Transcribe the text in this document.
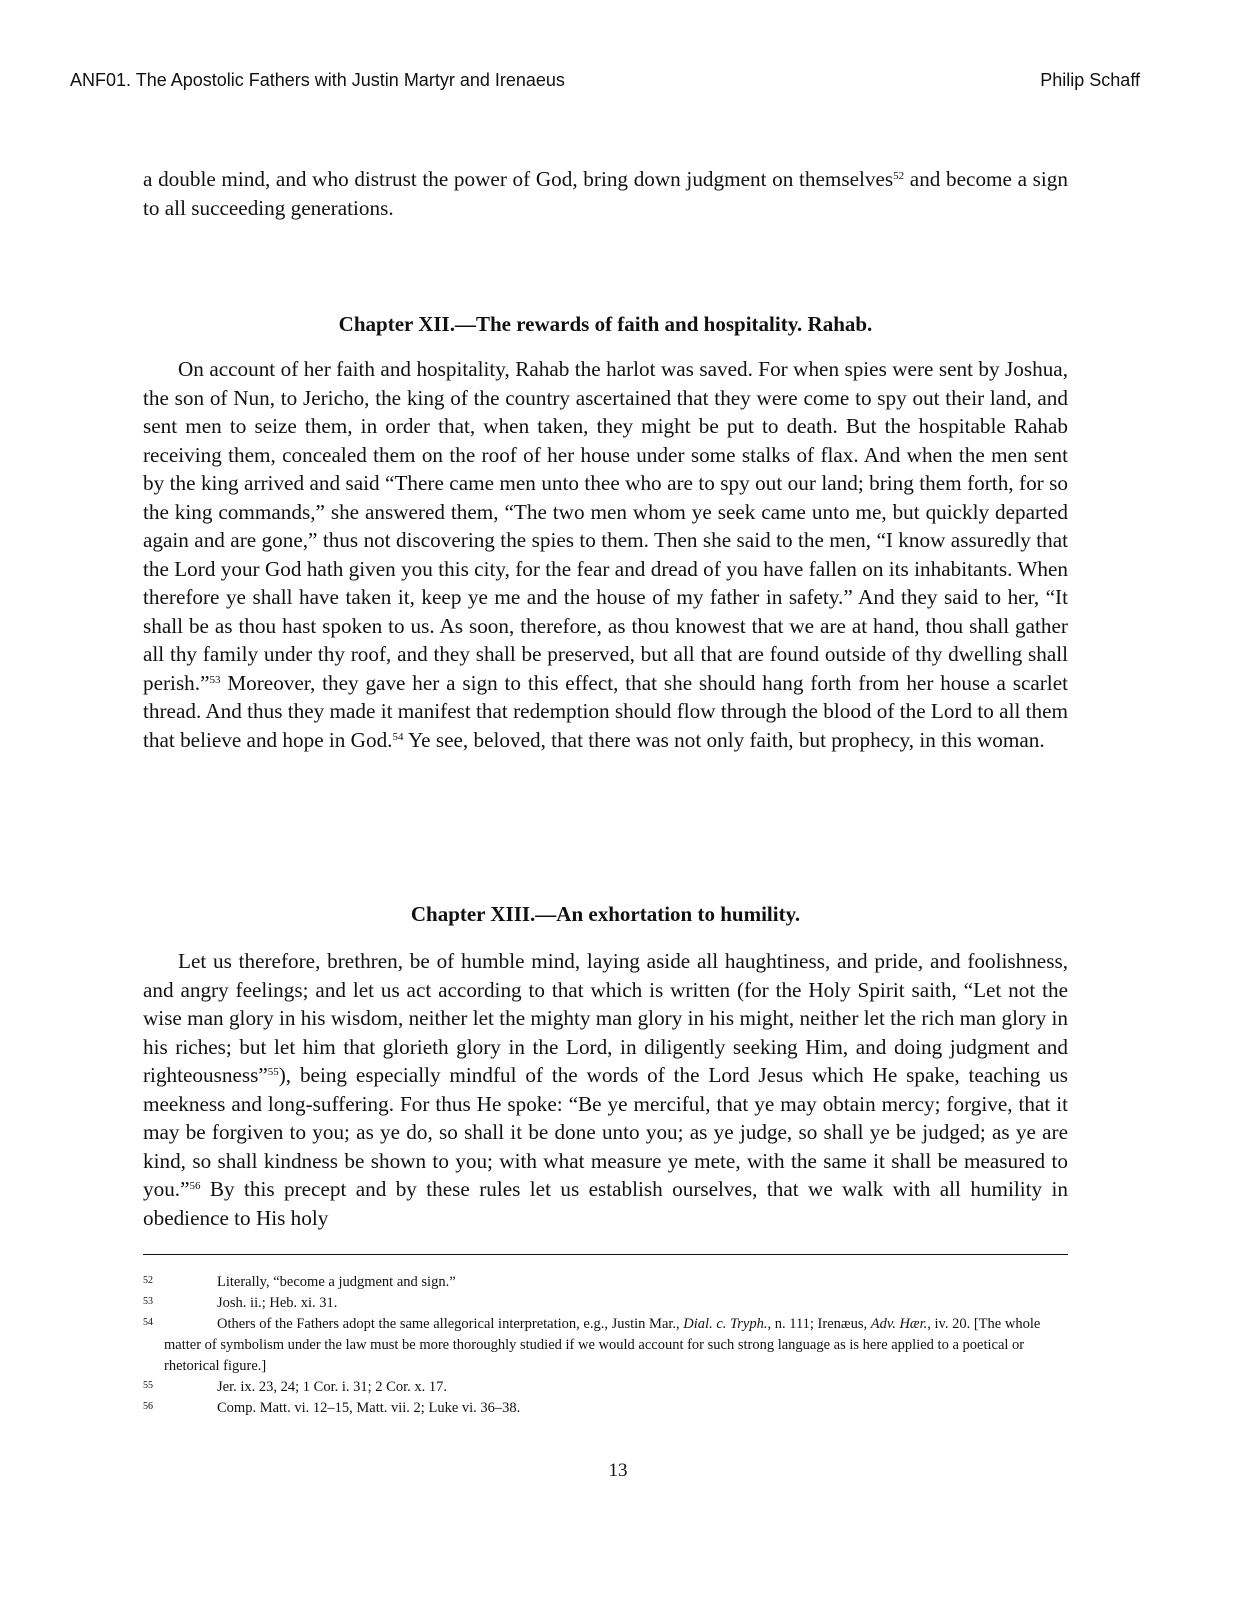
ANF01. The Apostolic Fathers with Justin Martyr and Irenaeus	Philip Schaff

a double mind, and who distrust the power of God, bring down judgment on themselves$^{52}$ and become a sign to all succeeding generations.

Chapter XII.—The rewards of faith and hospitality. Rahab.

On account of her faith and hospitality, Rahab the harlot was saved. For when spies were sent by Joshua, the son of Nun, to Jericho, the king of the country ascertained that they were come to spy out their land, and sent men to seize them, in order that, when taken, they might be put to death. But the hospitable Rahab receiving them, concealed them on the roof of her house under some stalks of flax. And when the men sent by the king arrived and said “There came men unto thee who are to spy out our land; bring them forth, for so the king commands,” she answered them, “The two men whom ye seek came unto me, but quickly departed again and are gone,” thus not discovering the spies to them. Then she said to the men, “I know assuredly that the Lord your God hath given you this city, for the fear and dread of you have fallen on its inhabitants. When therefore ye shall have taken it, keep ye me and the house of my father in safety.” And they said to her, “It shall be as thou hast spoken to us. As soon, therefore, as thou knowest that we are at hand, thou shall gather all thy family under thy roof, and they shall be preserved, but all that are found outside of thy dwelling shall perish.”$^{53}$ Moreover, they gave her a sign to this effect, that she should hang forth from her house a scarlet thread. And thus they made it manifest that redemption should flow through the blood of the Lord to all them that believe and hope in God.$^{54}$ Ye see, beloved, that there was not only faith, but prophecy, in this woman.

Chapter XIII.—An exhortation to humility.

Let us therefore, brethren, be of humble mind, laying aside all haughtiness, and pride, and foolishness, and angry feelings; and let us act according to that which is written (for the Holy Spirit saith, “Let not the wise man glory in his wisdom, neither let the mighty man glory in his might, neither let the rich man glory in his riches; but let him that glorieth glory in the Lord, in diligently seeking Him, and doing judgment and righteousness”$^{55}$), being especially mindful of the words of the Lord Jesus which He spake, teaching us meekness and long-suffering. For thus He spoke: “Be ye merciful, that ye may obtain mercy; forgive, that it may be forgiven to you; as ye do, so shall it be done unto you; as ye judge, so shall ye be judged; as ye are kind, so shall kindness be shown to you; with what measure ye mete, with the same it shall be measured to you.”$^{56}$ By this precept and by these rules let us establish ourselves, that we walk with all humility in obedience to His holy

52	Literally, “become a judgment and sign.”
53	Josh. ii.; Heb. xi. 31.
54	Others of the Fathers adopt the same allegorical interpretation, e.g., Justin Mar., Dial. c. Tryph., n. 111; Irenæus, Adv. Hær., iv. 20. [The whole matter of symbolism under the law must be more thoroughly studied if we would account for such strong language as is here applied to a poetical or rhetorical figure.]
55	Jer. ix. 23, 24; 1 Cor. i. 31; 2 Cor. x. 17.
56	Comp. Matt. vi. 12–15, Matt. vii. 2; Luke vi. 36–38.
13
